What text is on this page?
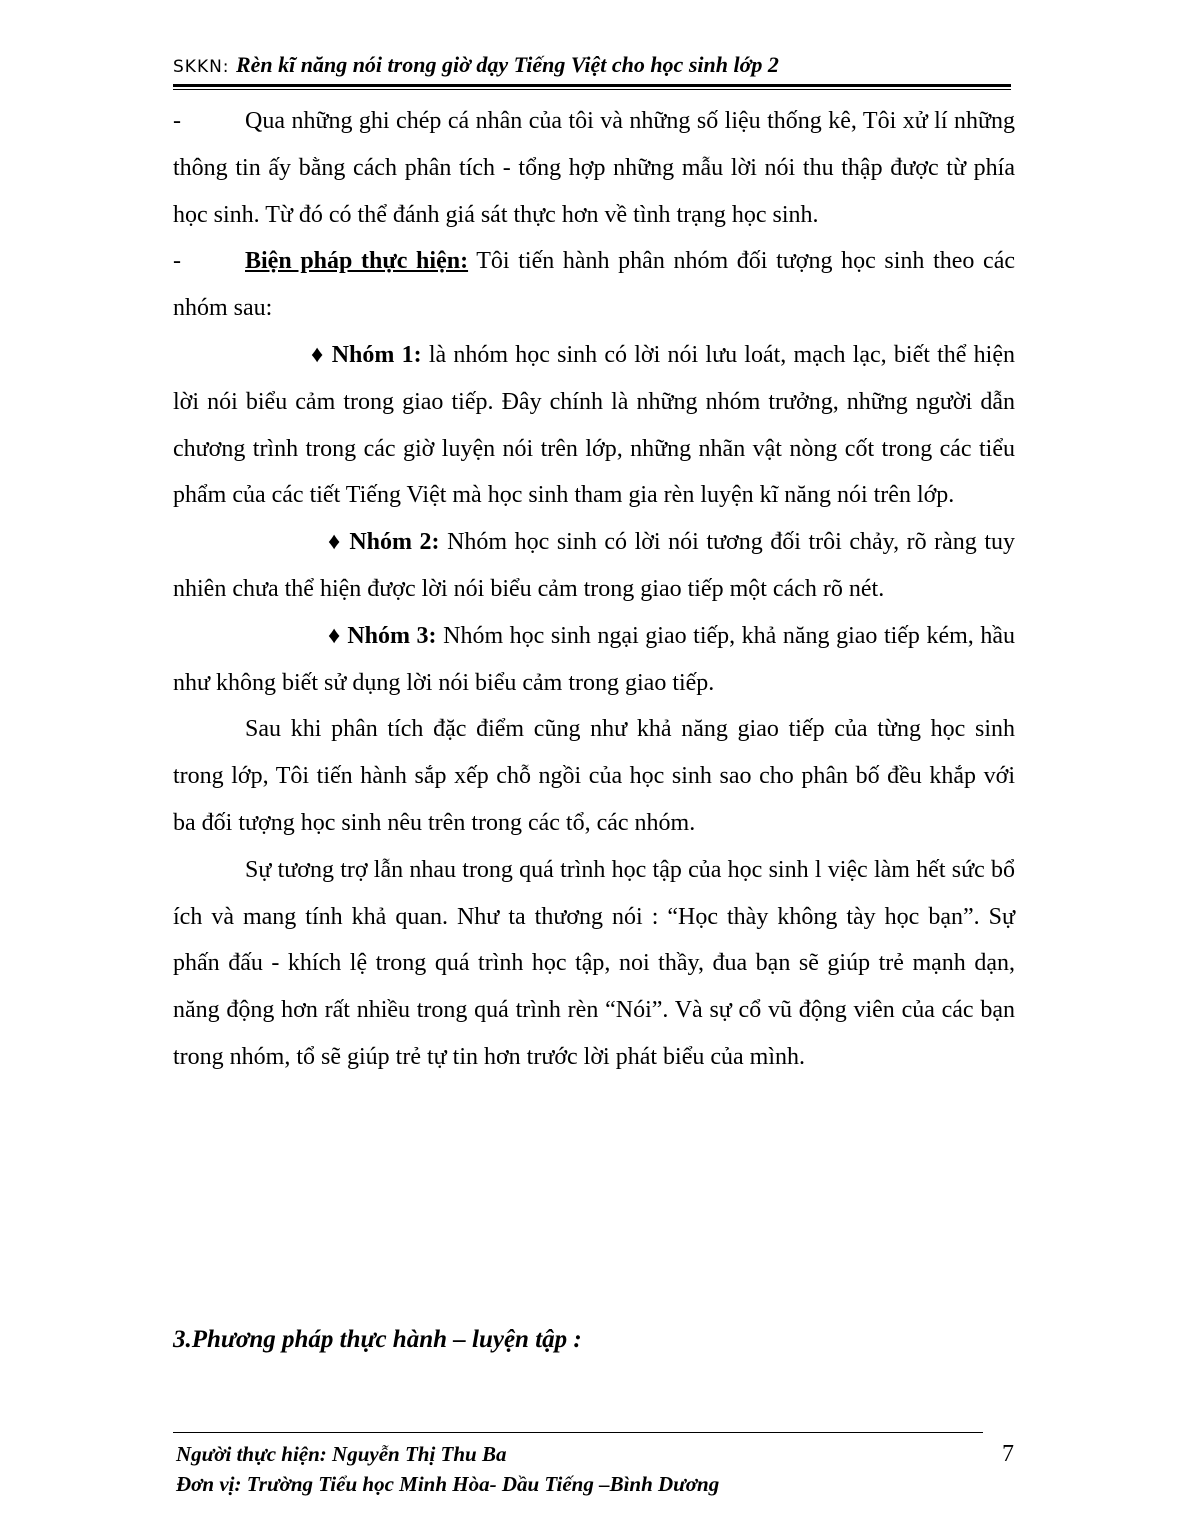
SKKN: Rèn kĩ năng nói trong giờ dạy Tiếng Việt cho học sinh lớp 2

-	Qua những ghi chép cá nhân của tôi và những số liệu thống kê, Tôi xử lí những thông tin ấy bằng cách phân tích - tổng hợp những mẫu lời nói thu thập được từ phía học sinh. Từ đó có thể đánh giá sát thực hơn về tình trạng học sinh.

-	Biện pháp thực hiện: Tôi tiến hành phân nhóm đối tượng học sinh theo các nhóm sau:

♦ Nhóm 1: là nhóm học sinh có lời nói lưu loát, mạch lạc, biết thể hiện lời nói biểu cảm trong giao tiếp. Đây chính là những nhóm trưởng, những người dẫn chương trình trong các giờ luyện nói trên lớp, những nhãn vật nòng cốt trong các tiểu phẩm của các tiết Tiếng Việt mà học sinh tham gia rèn luyện kĩ năng nói trên lớp.

♦ Nhóm 2: Nhóm học sinh có lời nói tương đối trôi chảy, rõ ràng tuy nhiên chưa thể hiện được lời nói biểu cảm trong giao tiếp một cách rõ nét.

♦ Nhóm 3: Nhóm học sinh ngại giao tiếp, khả năng giao tiếp kém, hầu như không biết sử dụng lời nói biểu cảm trong giao tiếp.

Sau khi phân tích đặc điểm cũng như khả năng giao tiếp của từng học sinh trong lớp, Tôi tiến hành sắp xếp chỗ ngồi của học sinh sao cho phân bố đều khắp với ba đối tượng học sinh nêu trên trong các tổ, các nhóm.

Sự tương trợ lẫn nhau trong quá trình học tập của học sinh l việc làm hết sức bổ ích và mang tính khả quan. Như ta thương nói : “Học thày không tày học bạn”. Sự phấn đấu - khích lệ trong quá trình học tập, noi thầy, đua bạn sẽ giúp trẻ mạnh dạn, năng động hơn rất nhiều trong quá trình rèn “Nói”. Và sự cổ vũ động viên của các bạn trong nhóm, tổ sẽ giúp trẻ tự tin hơn trước lời phát biểu của mình.

3.Phương pháp thực hành – luyện tập :
Người thực hiện: Nguyễn Thị Thu Ba
Đơn vị: Trường Tiểu học Minh Hòa- Dầu Tiếng –Bình Dương
7
